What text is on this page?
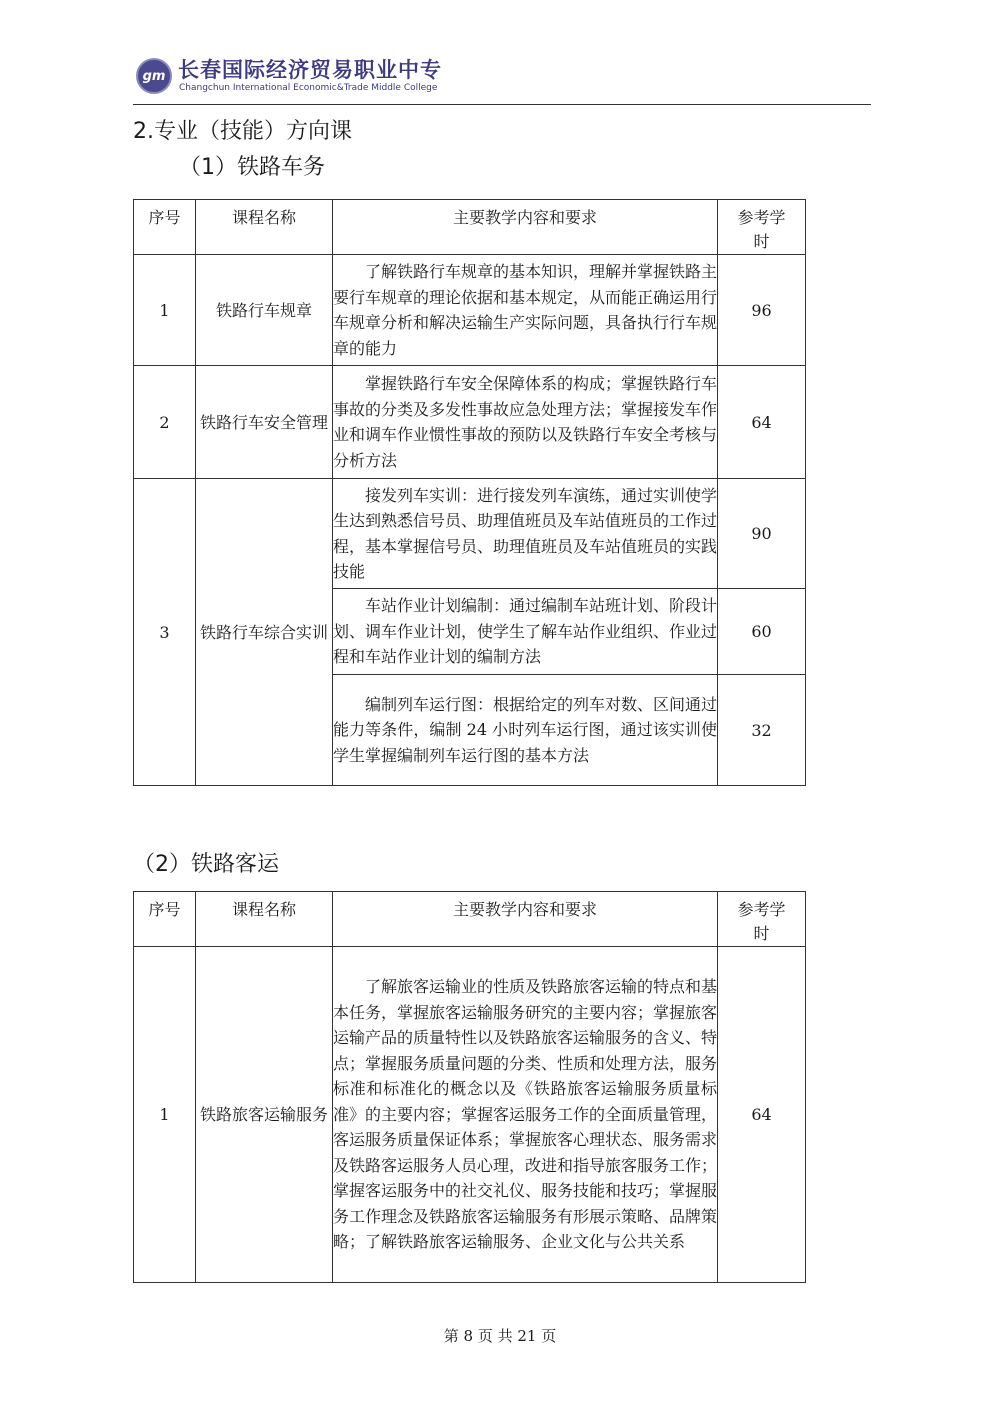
gm 长春国际经济贸易职业中专
Changchun International Economic&Trade Middle College
2.专业（技能）方向课
（1）铁路车务
序号	课程名称	主要教学内容和要求	参考学时
1	铁路行车规章	了解铁路行车规章的基本知识，理解并掌握铁路主要行车规章的理论依据和基本规定，从而能正确运用行车规章分析和解决运输生产实际问题，具备执行行车规章的能力	96
2	铁路行车安全管理	掌握铁路行车安全保障体系的构成；掌握铁路行车事故的分类及多发性事故应急处理方法；掌握接发车作业和调车作业惯性事故的预防以及铁路行车安全考核与分析方法	64
3	铁路行车综合实训	接发列车实训：进行接发列车演练，通过实训使学生达到熟悉信号员、助理值班员及车站值班员的工作过程，基本掌握信号员、助理值班员及车站值班员的实践技能	90

		车站作业计划编制：通过编制车站班计划、阶段计划、调车作业计划，使学生了解车站作业组织、作业过程和车站作业计划的编制方法	60

		编制列车运行图：根据给定的列车对数、区间通过能力等条件，编制 24 小时列车运行图，通过该实训使学生掌握编制列车运行图的基本方法	32
（2）铁路客运
序号	课程名称	主要教学内容和要求	参考学时
1	铁路旅客运输服务	了解旅客运输业的性质及铁路旅客运输的特点和基本任务，掌握旅客运输服务研究的主要内容；掌握旅客运输产品的质量特性以及铁路旅客运输服务的含义、特点；掌握服务质量问题的分类、性质和处理方法，服务标准和标准化的概念以及《铁路旅客运输服务质量标准》的主要内容；掌握客运服务工作的全面质量管理，客运服务质量保证体系；掌握旅客心理状态、服务需求及铁路客运服务人员心理，改进和指导旅客服务工作；掌握客运服务中的社交礼仪、服务技能和技巧；掌握服务工作理念及铁路旅客运输服务有形展示策略、品牌策略；了解铁路旅客运输服务、企业文化与公共关系	64
第 8 页 共 21 页
